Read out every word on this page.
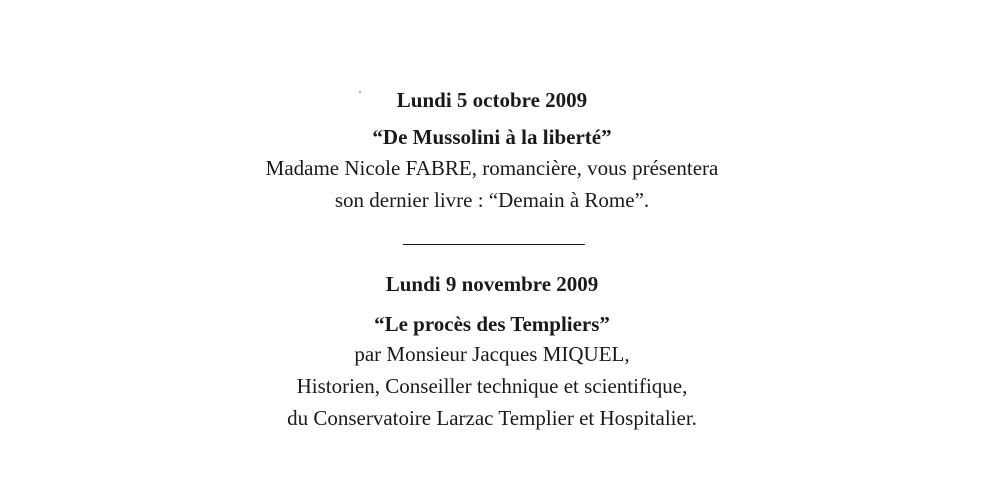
Lundi 5 octobre 2009
“De Mussolini à la liberté”
Madame Nicole FABRE, romancière, vous présentera
son dernier livre : “Demain à Rome”.
Lundi 9 novembre 2009
“Le procès des Templiers”
par Monsieur Jacques MIQUEL,
Historien, Conseiller technique et scientifique,
du Conservatoire Larzac Templier et Hospitalier.
